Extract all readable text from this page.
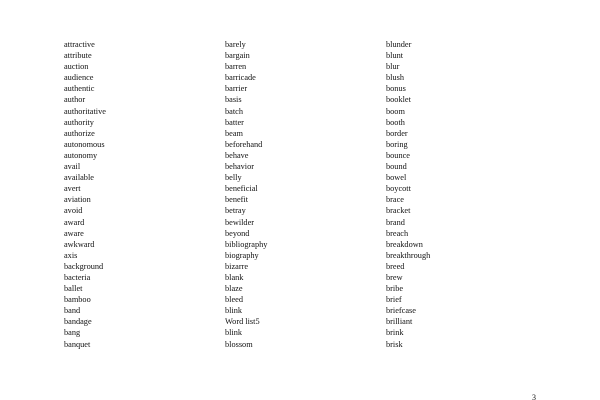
attractive
attribute
auction
audience
authentic
author
authoritative
authority
authorize
autonomous
autonomy
avail
available
avert
aviation
avoid
award
aware
awkward
axis
background
bacteria
ballet
bamboo
band
bandage
bang
banquet
barely
bargain
barren
barricade
barrier
basis
batch
batter
beam
beforehand
behave
behavior
belly
beneficial
benefit
betray
bewilder
beyond
bibliography
biography
bizarre
blank
blaze
bleed
blink
Word list5
blink
blossom
blunder
blunt
blur
blush
bonus
booklet
boom
booth
border
boring
bounce
bound
bowel
boycott
brace
bracket
brand
breach
breakdown
breakthrough
breed
brew
bribe
brief
briefcase
brilliant
brink
brisk
3
